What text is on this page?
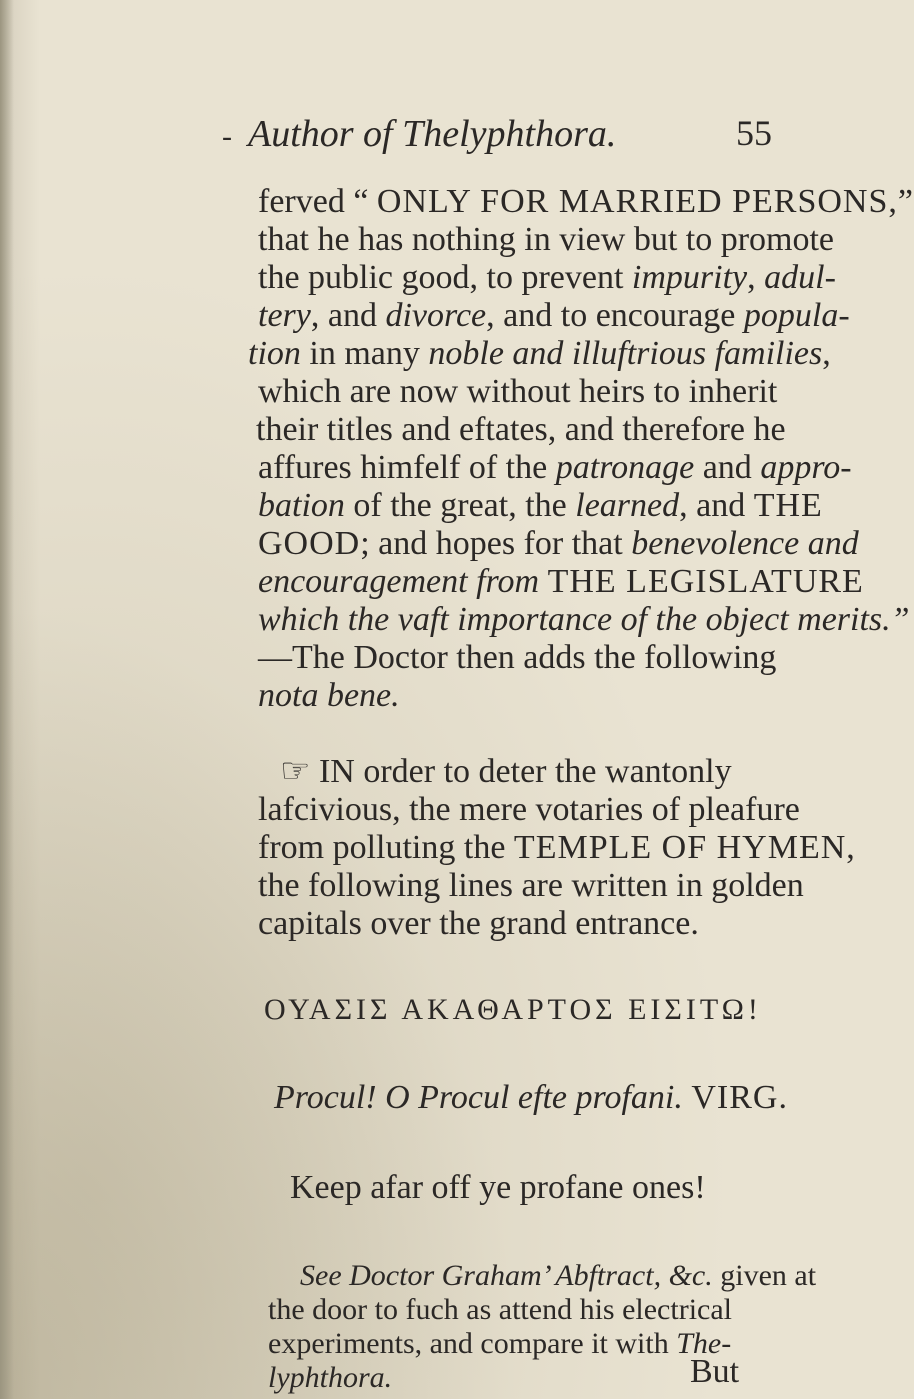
- Author of Thelyphthora.	55
ferved “ ONLY FOR MARRIED PERSONS,”
that he has nothing in view but to promote
the public good, to prevent impurity, adul-
tery, and divorce, and to encourage popula-
tion in many noble and illuftrious families,
which are now without heirs to inherit
their titles and eftates, and therefore he
affures himfelf of the patronage and appro-
bation of the great, the learned, and THE
GOOD; and hopes for that benevolence and
encouragement from THE LEGISLATURE
which the vaft importance of the object merits.”
—The Doctor then adds the following
nota bene.
☞ IN order to deter the wantonly
lafcivious, the mere votaries of pleafure
from polluting the TEMPLE OF HYMEN,
the following lines are written in golden
capitals over the grand entrance.
ΟΥΑΣΙΣ ΑΚΑΘΑΡΤΟΣ ΕΙΣΙΤΩ!
Procul! O Procul efte profani. VIRG.
Keep afar off ye profane ones!
See Doctor Graham’ Abftract, &c. given at
the door to fuch as attend his electrical
experiments, and compare it with The-
lyphthora.	But
